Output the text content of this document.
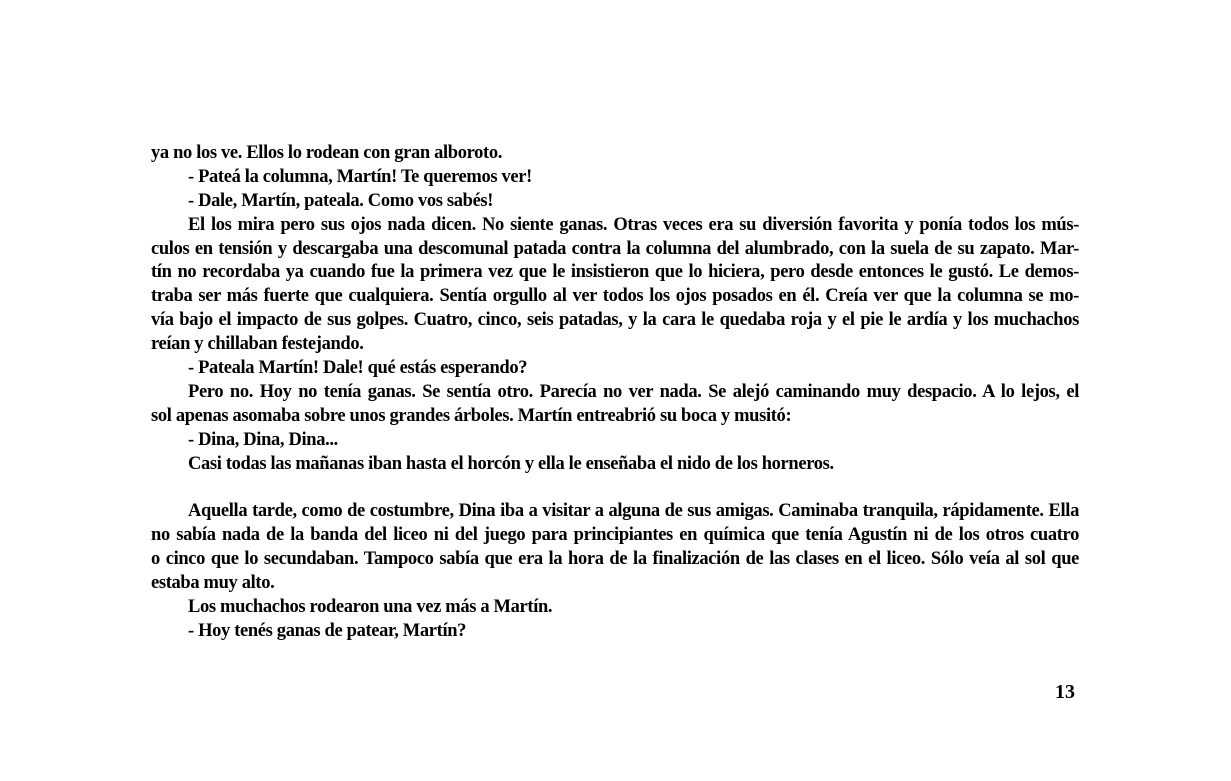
ya no los ve. Ellos lo rodean con gran alboroto.
- Pateá la columna, Martín! Te queremos ver!
- Dale, Martín, pateala. Como vos sabés!
El los mira pero sus ojos nada dicen. No siente ganas. Otras veces era su diversión favorita y ponía todos los mús-
culos en tensión y descargaba una descomunal patada contra la columna del alumbrado, con la suela de su zapato. Mar-
tín no recordaba ya cuando fue la primera vez que le insistieron que lo hiciera, pero desde entonces le gustó. Le demos-
traba ser más fuerte que cualquiera. Sentía orgullo al ver todos los ojos posados en él. Creía ver que la columna se mo-
vía bajo el impacto de sus golpes. Cuatro, cinco, seis patadas, y la cara le quedaba roja y el pie le ardía y los muchachos
reían y chillaban festejando.
- Pateala Martín! Dale! qué estás esperando?
Pero no. Hoy no tenía ganas. Se sentía otro. Parecía no ver nada. Se alejó caminando muy despacio. A lo lejos, el
sol apenas asomaba sobre unos grandes árboles. Martín entreabrió su boca y musitó:
- Dina, Dina, Dina...
Casi todas las mañanas iban hasta el horcón y ella le enseñaba el nido de los horneros.
Aquella tarde, como de costumbre, Dina iba a visitar a alguna de sus amigas. Caminaba tranquila, rápidamente. Ella
no sabía nada de la banda del liceo ni del juego para principiantes en química que tenía Agustín ni de los otros cuatro
o cinco que lo secundaban. Tampoco sabía que era la hora de la finalización de las clases en el liceo. Sólo veía al sol que
estaba muy alto.
Los muchachos rodearon una vez más a Martín.
- Hoy tenés ganas de patear, Martín?
13
